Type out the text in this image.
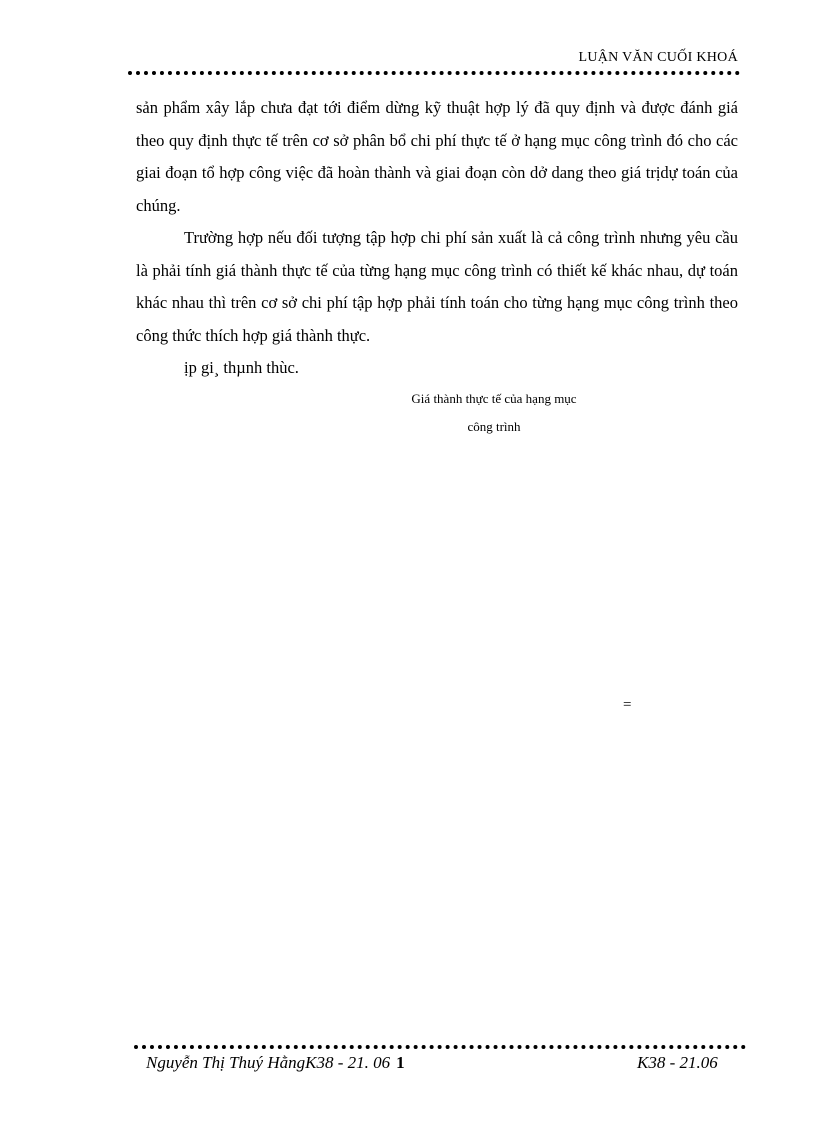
LUẬN VĂN CUỐI KHOÁ

sản phẩm xây lắp chưa đạt tới điểm dừng kỹ thuật hợp lý đã quy định và được đánh giá theo quy định thực tế trên cơ sở phân bổ chi phí thực tế ở hạng mục công trình đó cho các giai đoạn tổ hợp công việc đã hoàn thành và giai đoạn còn dở dang theo giá trịdự toán của chúng.

Trường hợp nếu đối tượng tập hợp chi phí sản xuất là cả công trình nhưng yêu cầu là phải tính giá thành thực tế của từng hạng mục công trình có thiết kế khác nhau, dự toán khác nhau thì trên cơ sở chi phí tập hợp phải tính toán cho từng hạng mục công trình theo công thức thích hợp giá thành thực.

ịp gi¸ thµnh thùc.

Giá thành thực tế của hạng mục
công trình
=
Nguyễn Thị Thuý HằngK38 - 21. 06 1	K38 - 21.06
